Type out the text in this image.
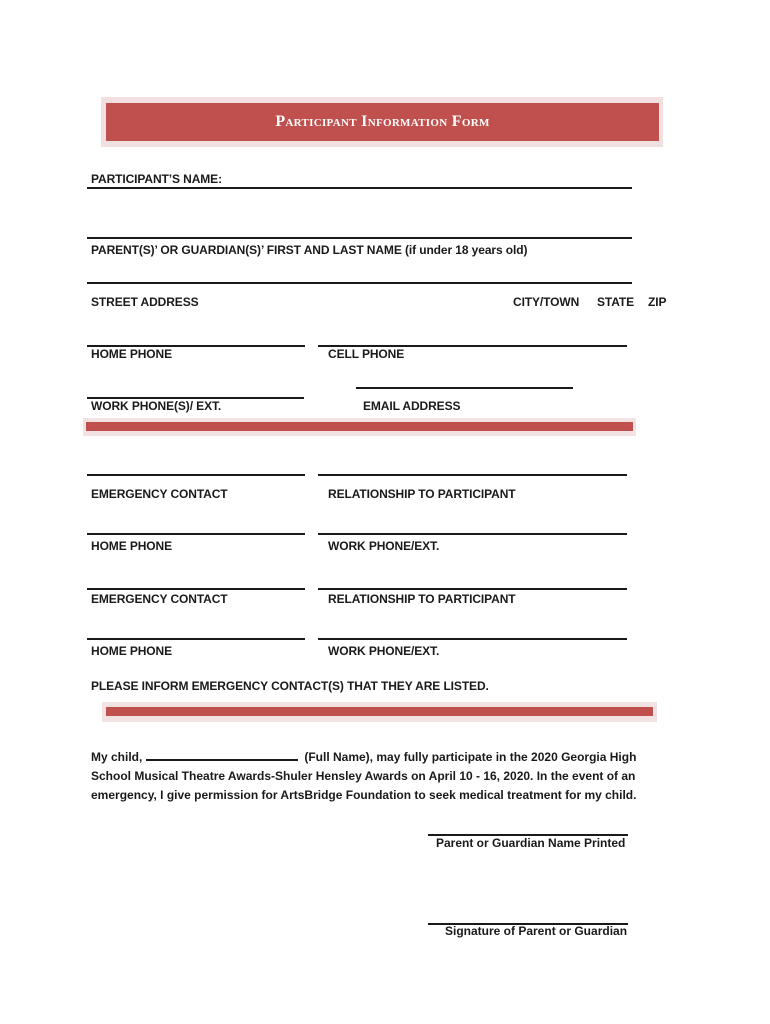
Participant Information Form
PARTICIPANT’S NAME:
PARENT(S)’ OR GUARDIAN(S)’ FIRST AND LAST NAME (if under 18 years old)
STREET ADDRESS	CITY/TOWN STATE ZIP
HOME PHONE	CELL PHONE
WORK PHONE(S)/ EXT.	EMAIL ADDRESS
EMERGENCY CONTACT	RELATIONSHIP TO PARTICIPANT
HOME PHONE	WORK PHONE/EXT.
EMERGENCY CONTACT	RELATIONSHIP TO PARTICIPANT
HOME PHONE	WORK PHONE/EXT.
PLEASE INFORM EMERGENCY CONTACT(S) THAT THEY ARE LISTED.
My child,	(Full Name), may fully participate in the 2020 Georgia High School Musical Theatre Awards-Shuler Hensley Awards on April 10 - 16, 2020. In the event of an emergency, I give permission for ArtsBridge Foundation to seek medical treatment for my child.
Parent or Guardian Name Printed
Signature of Parent or Guardian
